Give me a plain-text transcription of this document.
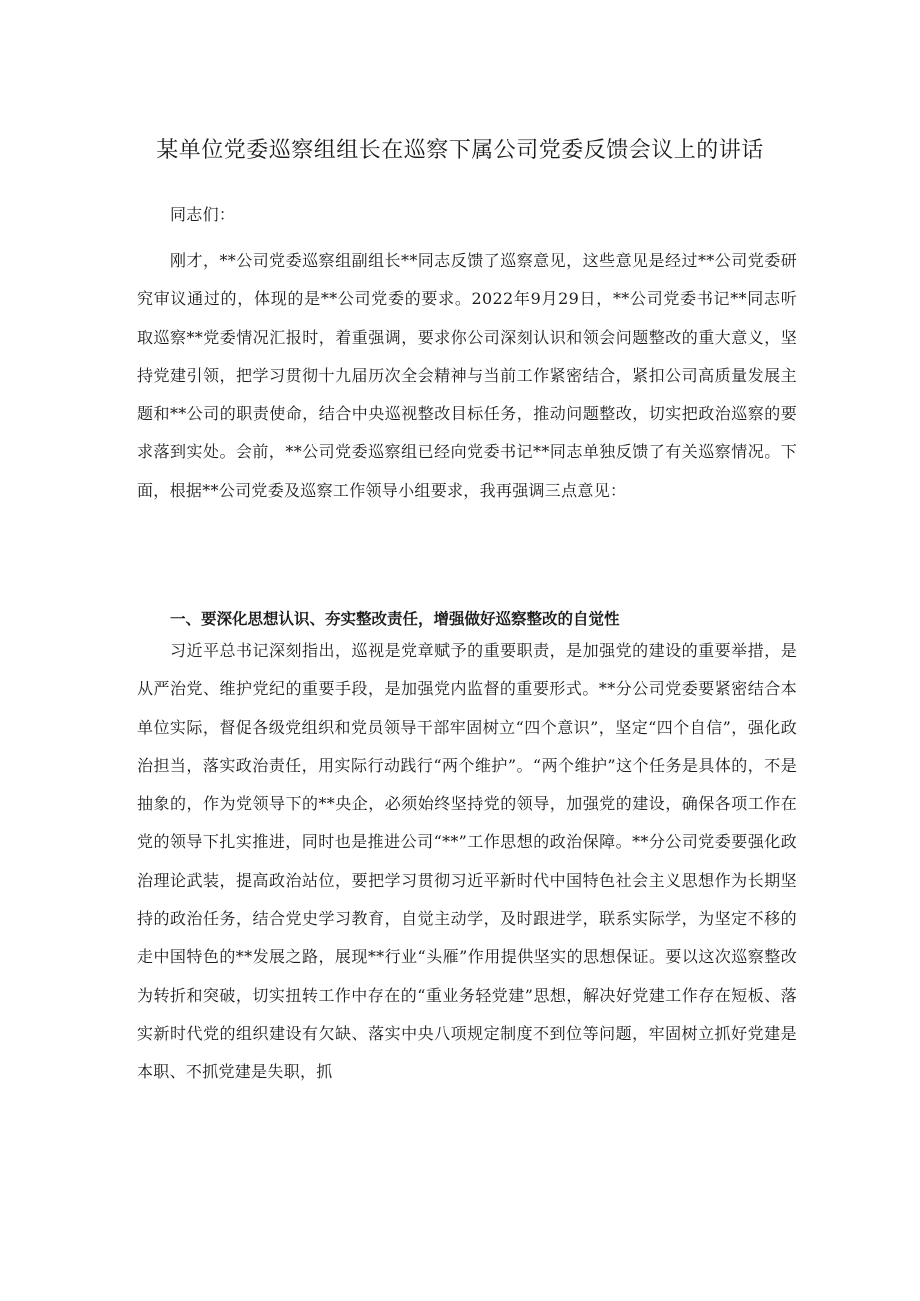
某单位党委巡察组组长在巡察下属公司党委反馈会议上的讲话
同志们：
刚才，**公司党委巡察组副组长**同志反馈了巡察意见，这些意见是经过**公司党委研究审议通过的，体现的是**公司党委的要求。2022年9月29日，**公司党委书记**同志听取巡察**党委情况汇报时，着重强调，要求你公司深刻认识和领会问题整改的重大意义，坚持党建引领，把学习贯彻十九届历次全会精神与当前工作紧密结合，紧扣公司高质量发展主题和**公司的职责使命，结合中央巡视整改目标任务，推动问题整改，切实把政治巡察的要求落到实处。会前，**公司党委巡察组已经向党委书记**同志单独反馈了有关巡察情况。下面，根据**公司党委及巡察工作领导小组要求，我再强调三点意见：
一、要深化思想认识、夯实整改责任，增强做好巡察整改的自觉性
习近平总书记深刻指出，巡视是党章赋予的重要职责，是加强党的建设的重要举措，是从严治党、维护党纪的重要手段，是加强党内监督的重要形式。**分公司党委要紧密结合本单位实际，督促各级党组织和党员领导干部牢固树立“四个意识”，坚定“四个自信”，强化政治担当，落实政治责任，用实际行动践行“两个维护”。“两个维护”这个任务是具体的，不是抽象的，作为党领导下的**央企，必须始终坚持党的领导，加强党的建设，确保各项工作在党的领导下扎实推进，同时也是推进公司“**”工作思想的政治保障。**分公司党委要强化政治理论武装，提高政治站位，要把学习贯彻习近平新时代中国特色社会主义思想作为长期坚持的政治任务，结合党史学习教育，自觉主动学，及时跟进学，联系实际学，为坚定不移的走中国特色的**发展之路，展现**行业“头雁”作用提供坚实的思想保证。要以这次巡察整改为转折和突破，切实扭转工作中存在的“重业务轻党建”思想，解决好党建工作存在短板、落实新时代党的组织建设有欠缺、落实中央八项规定制度不到位等问题，牢固树立抓好党建是本职、不抓党建是失职，抓
